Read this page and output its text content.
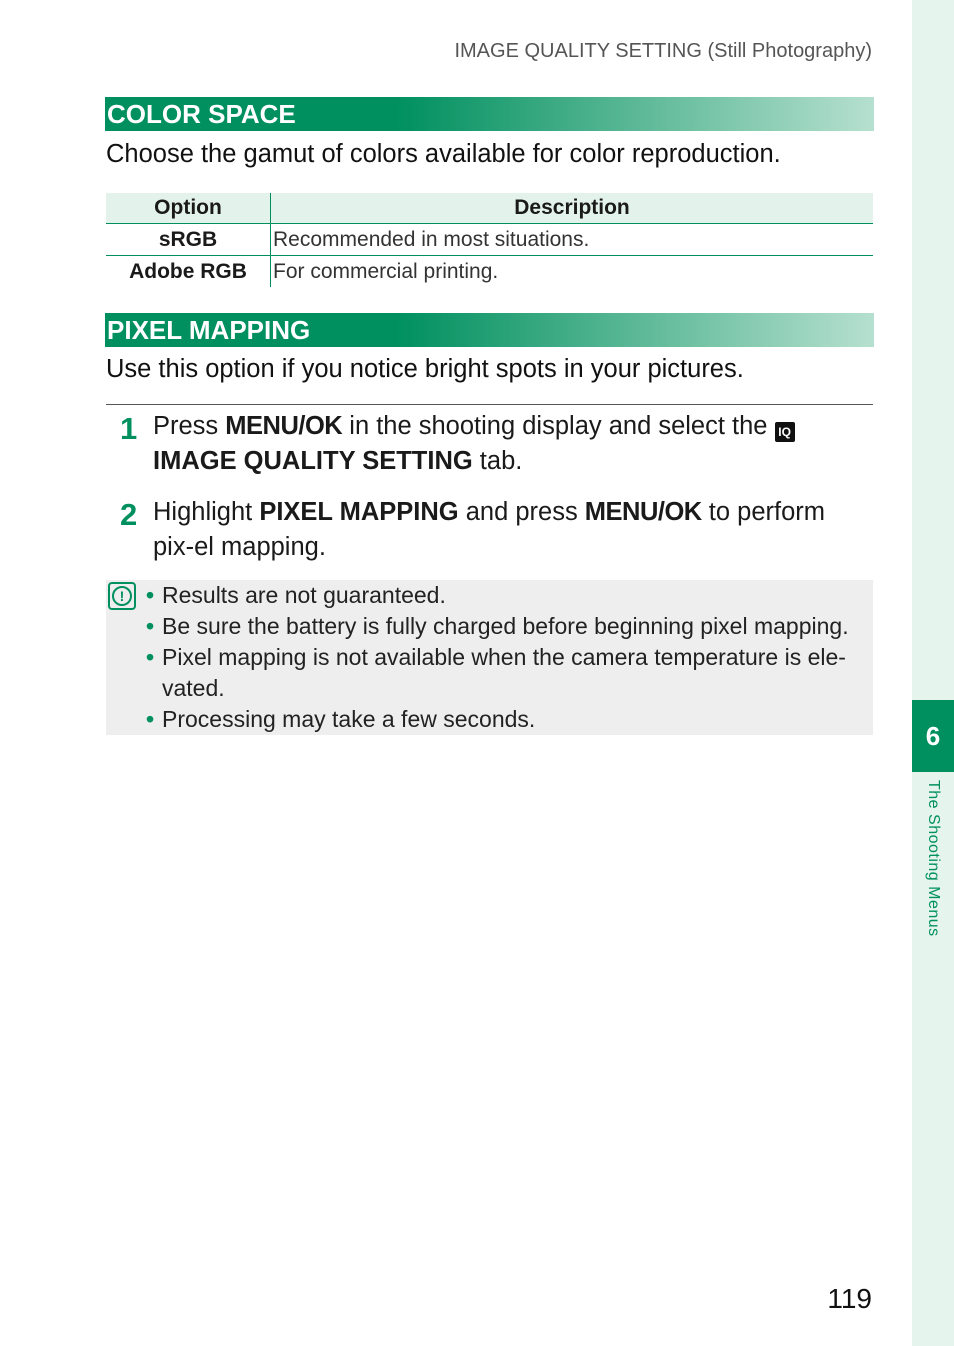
6
The Shooting Menus
IMAGE QUALITY SETTING (Still Photography)
COLOR SPACE
Choose the gamut of colors available for color reproduction.
Option	Description
sRGB	Recommended in most situations.
Adobe RGB	For commercial printing.
PIXEL MAPPING
Use this option if you notice bright spots in your pictures.
1 Press MENU/OK in the shooting display and select the IQIMAGE QUALITY SETTING tab.
2 Highlight PIXEL MAPPING and press MENU/OK to perform pix-el mapping.
!	• Results are not guaranteed.
• Be sure the battery is fully charged before beginning pixel mapping.
• Pixel mapping is not available when the camera temperature is ele-vated.
• Processing may take a few seconds.
119
